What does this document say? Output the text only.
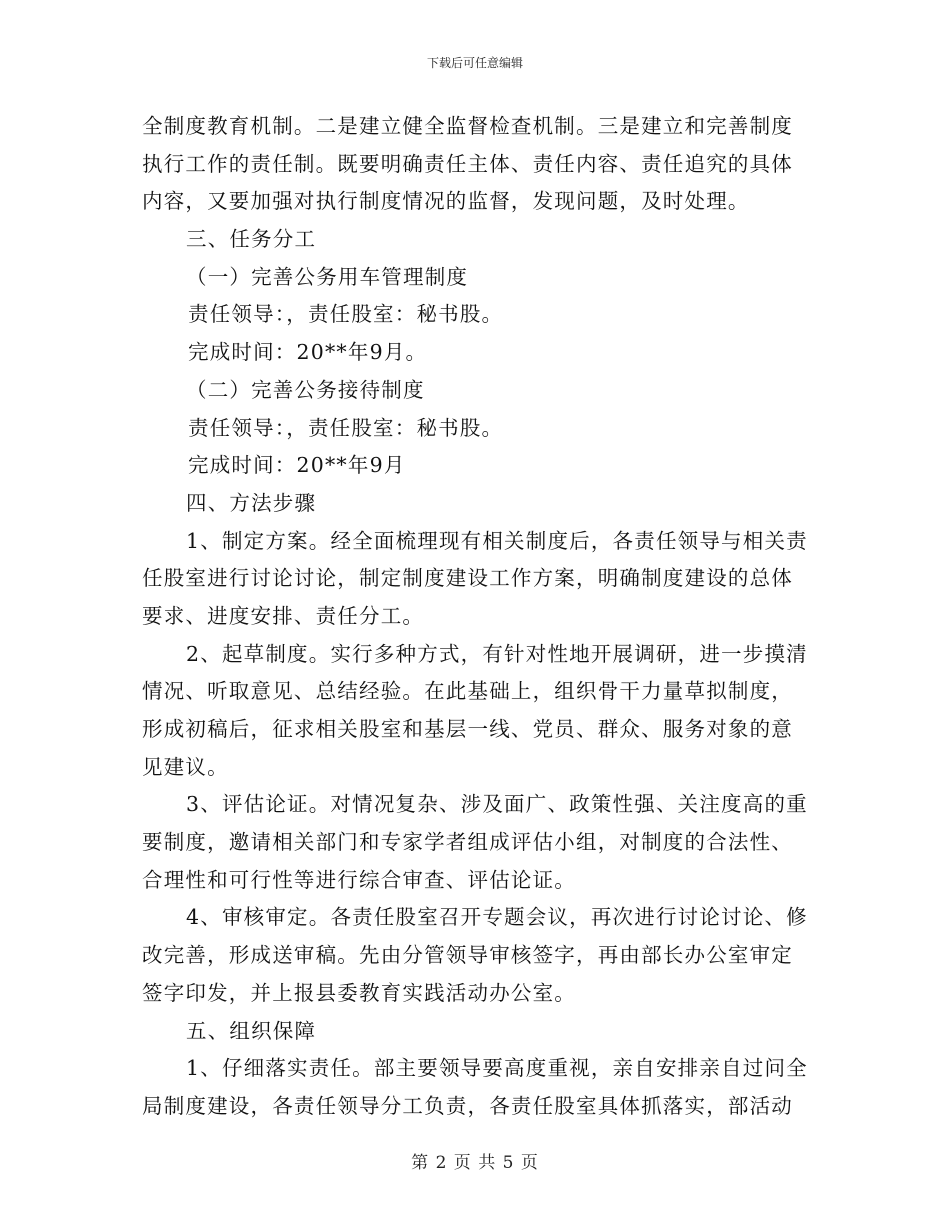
下载后可任意编辑
全制度教育机制。二是建立健全监督检查机制。三是建立和完善制度
执行工作的责任制。既要明确责任主体、责任内容、责任追究的具体
内容，又要加强对执行制度情况的监督，发现问题，及时处理。
三、任务分工
（一）完善公务用车管理制度
责任领导：，责任股室：秘书股。
完成时间：20**年9月。
（二）完善公务接待制度
责任领导：，责任股室：秘书股。
完成时间：20**年9月
四、方法步骤
1、制定方案。经全面梳理现有相关制度后，各责任领导与相关责
任股室进行讨论讨论，制定制度建设工作方案，明确制度建设的总体
要求、进度安排、责任分工。
2、起草制度。实行多种方式，有针对性地开展调研，进一步摸清
情况、听取意见、总结经验。在此基础上，组织骨干力量草拟制度，
形成初稿后，征求相关股室和基层一线、党员、群众、服务对象的意
见建议。
3、评估论证。对情况复杂、涉及面广、政策性强、关注度高的重
要制度，邀请相关部门和专家学者组成评估小组，对制度的合法性、
合理性和可行性等进行综合审查、评估论证。
4、审核审定。各责任股室召开专题会议，再次进行讨论讨论、修
改完善，形成送审稿。先由分管领导审核签字，再由部长办公室审定
签字印发，并上报县委教育实践活动办公室。
五、组织保障
1、仔细落实责任。部主要领导要高度重视，亲自安排亲自过问全
局制度建设，各责任领导分工负责，各责任股室具体抓落实，部活动
第 2 页 共 5 页
